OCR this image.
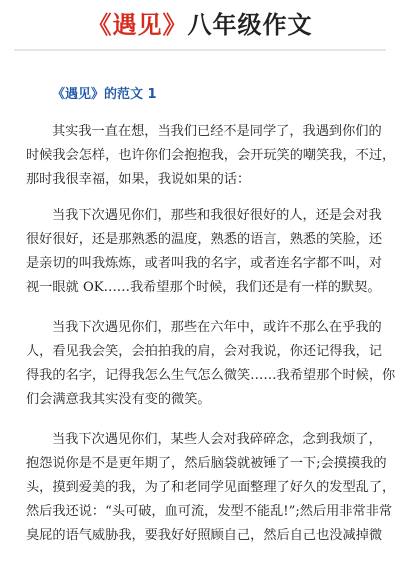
《遇见》八年级作文
《遇见》的范文 1
其实我一直在想，当我们已经不是同学了，我遇到你们的
时候我会怎样，也许你们会抱抱我，会开玩笑的嘲笑我，不过，
那时我很幸福，如果，我说如果的话：
当我下次遇见你们，那些和我很好很好的人，还是会对我
很好很好，还是那熟悉的温度，熟悉的语言，熟悉的笑脸，还
是亲切的叫我炼炼，或者叫我的名字，或者连名字都不叫，对
视一眼就 OK……我希望那个时候，我们还是有一样的默契。
当我下次遇见你们，那些在六年中，或许不那么在乎我的
人，看见我会笑，会拍拍我的肩，会对我说，你还记得我，记
得我的名字，记得我怎么生气怎么微笑……我希望那个时候，你
们会满意我其实没有变的微笑。
当我下次遇见你们，某些人会对我碎碎念，念到我烦了，
抱怨说你是不是更年期了，然后脑袋就被锤了一下;会摸摸我的
头，摸到爱美的我，为了和老同学见面整理了好久的发型乱了，
然后我还说：“头可破，血可流，发型不能乱!”;然后用非常非常
臭屁的语气威胁我，要我好好照顾自己，然后自己也没减掉微
